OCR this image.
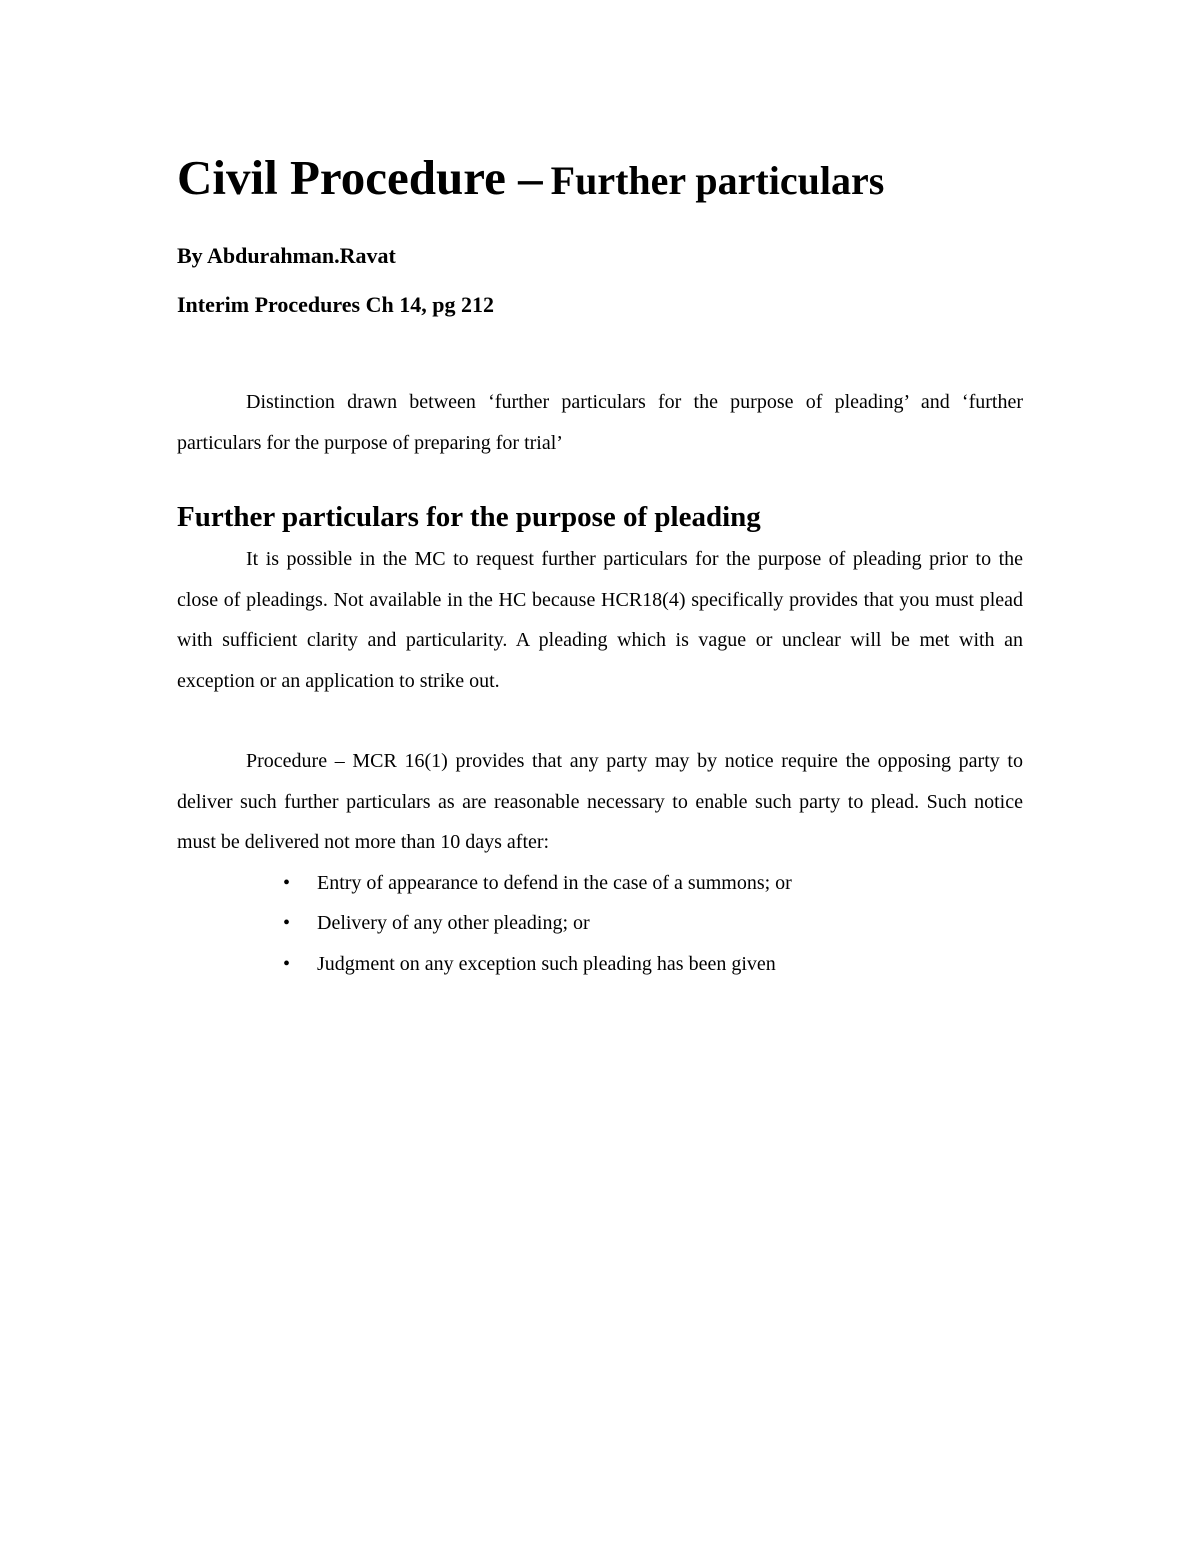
Civil Procedure – Further particulars

By Abdurahman.Ravat

Interim Procedures Ch 14, pg 212

Distinction drawn between ‘further particulars for the purpose of pleading’ and ‘further particulars for the purpose of preparing for trial’

Further particulars for the purpose of pleading

It is possible in the MC to request further particulars for the purpose of pleading prior to the close of pleadings. Not available in the HC because HCR18(4) specifically provides that you must plead with sufficient clarity and particularity. A pleading which is vague or unclear will be met with an exception or an application to strike out.

Procedure – MCR 16(1) provides that any party may by notice require the opposing party to deliver such further particulars as are reasonable necessary to enable such party to plead. Such notice must be delivered not more than 10 days after:

• Entry of appearance to defend in the case of a summons; or
• Delivery of any other pleading; or
• Judgment on any exception such pleading has been given
